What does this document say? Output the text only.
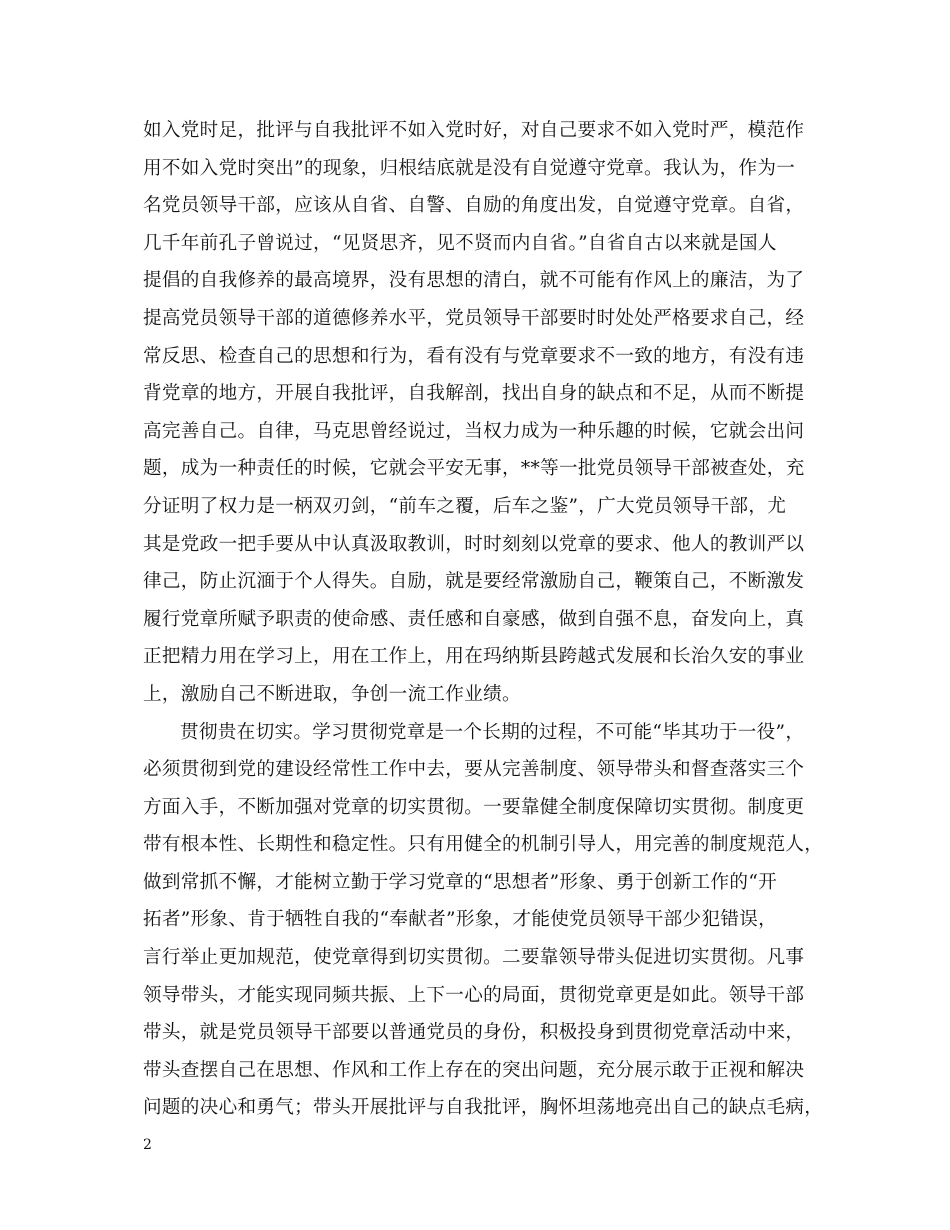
如入党时足，批评与自我批评不如入党时好，对自己要求不如入党时严，模范作
用不如入党时突出”的现象，归根结底就是没有自觉遵守党章。我认为，作为一
名党员领导干部，应该从自省、自警、自励的角度出发，自觉遵守党章。自省，
几千年前孔子曾说过，“见贤思齐，见不贤而内自省。”自省自古以来就是国人
提倡的自我修养的最高境界，没有思想的清白，就不可能有作风上的廉洁，为了
提高党员领导干部的道德修养水平，党员领导干部要时时处处严格要求自己，经
常反思、检查自己的思想和行为，看有没有与党章要求不一致的地方，有没有违
背党章的地方，开展自我批评，自我解剖，找出自身的缺点和不足，从而不断提
高完善自己。自律，马克思曾经说过，当权力成为一种乐趣的时候，它就会出问
题，成为一种责任的时候，它就会平安无事，**等一批党员领导干部被查处，充
分证明了权力是一柄双刃剑，“前车之覆，后车之鉴”，广大党员领导干部，尤
其是党政一把手要从中认真汲取教训，时时刻刻以党章的要求、他人的教训严以
律己，防止沉湎于个人得失。自励，就是要经常激励自己，鞭策自己，不断激发
履行党章所赋予职责的使命感、责任感和自豪感，做到自强不息，奋发向上，真
正把精力用在学习上，用在工作上，用在玛纳斯县跨越式发展和长治久安的事业
上，激励自己不断进取，争创一流工作业绩。
贯彻贵在切实。学习贯彻党章是一个长期的过程，不可能“毕其功于一役”，
必须贯彻到党的建设经常性工作中去，要从完善制度、领导带头和督查落实三个
方面入手，不断加强对党章的切实贯彻。一要靠健全制度保障切实贯彻。制度更
带有根本性、长期性和稳定性。只有用健全的机制引导人，用完善的制度规范人，
做到常抓不懈，才能树立勤于学习党章的“思想者”形象、勇于创新工作的“开
拓者”形象、肯于牺牲自我的“奉献者”形象，才能使党员领导干部少犯错误，
言行举止更加规范，使党章得到切实贯彻。二要靠领导带头促进切实贯彻。凡事
领导带头，才能实现同频共振、上下一心的局面，贯彻党章更是如此。领导干部
带头，就是党员领导干部要以普通党员的身份，积极投身到贯彻党章活动中来，
带头查摆自己在思想、作风和工作上存在的突出问题，充分展示敢于正视和解决
问题的决心和勇气；带头开展批评与自我批评，胸怀坦荡地亮出自己的缺点毛病，
2
